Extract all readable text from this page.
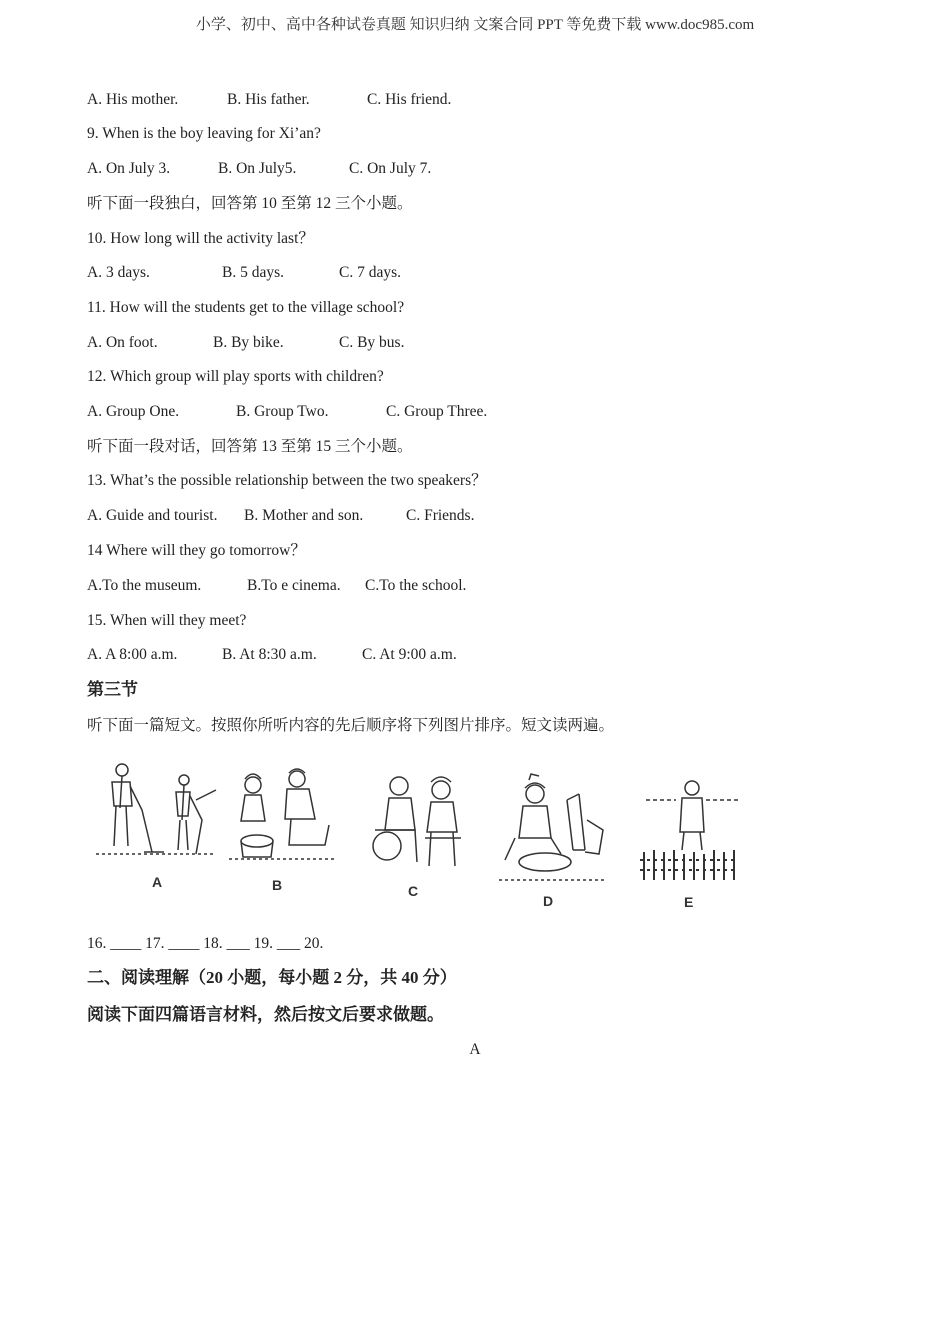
小学、初中、高中各种试卷真题 知识归纳 文案合同 PPT 等免费下载 www.doc985.com
A. His mother.	B. His father.	C. His friend.
9. When is the boy leaving for Xi’an?
A. On July 3.	B. On July5.	C. On July 7.
听下面一段独白，回答第 10 至第 12 三个小题。
10. How long will the activity last？
A. 3 days.	B. 5 days.	C. 7 days.
11. How will the students get to the village school?
A. On foot.	B. By bike.	C. By bus.
12. Which group will play sports with children?
A. Group One.	B. Group Two.	C. Group Three.
听下面一段对话，回答第 13 至第 15 三个小题。
13. What’s the possible relationship between the two speakers？
A. Guide and tourist. B. Mother and son.	C. Friends.
14 Where will they go tomorrow？
A.To the museum.	B.To e cinema. C.To the school.
15. When will they meet?
A. A 8:00 a.m.	B. At 8:30 a.m.	C. At 9:00 a.m.
第三节
听下面一篇短文。按照你所听内容的先后顺序将下列图片排序。短文读两遍。
A	B	C
D	E
16. ____ 17. ____ 18. ___ 19. ___ 20.
二、阅读理解（20 小题，每小题 2 分，共 40 分）
阅读下面四篇语言材料，然后按文后要求做题。
A
